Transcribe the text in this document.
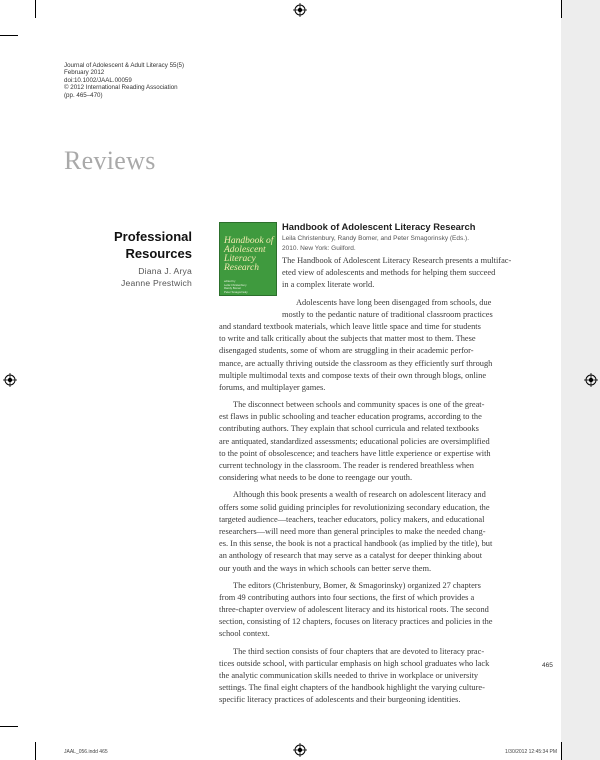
Journal of Adolescent & Adult Literacy 55(5)
February 2012
doi:10.1002/JAAL.00059
© 2012 International Reading Association
(pp. 465–470)
Reviews
Professional
Resources
Diana J. Arya
Jeanne Prestwich
Handbook of
Adolescent
Literacy
Research
edited by
Leila Christenbury
Randy Bomer
Peter Smagorinsky
Handbook of Adolescent Literacy Research
Leila Christenbury, Randy Bomer, and Peter Smagorinsky (Eds.).
2010. New York: Guilford.
The Handbook of Adolescent Literacy Research presents a multifac-
eted view of adolescents and methods for helping them succeed
in a complex literate world.
Adolescents have long been disengaged from schools, due
mostly to the pedantic nature of traditional classroom practices
and standard textbook materials, which leave little space and time for students
to write and talk critically about the subjects that matter most to them. These
disengaged students, some of whom are struggling in their academic perfor-
mance, are actually thriving outside the classroom as they efficiently surf through
multiple multimodal texts and compose texts of their own through blogs, online
forums, and multiplayer games.
The disconnect between schools and community spaces is one of the great-
est flaws in public schooling and teacher education programs, according to the
contributing authors. They explain that school curricula and related textbooks
are antiquated, standardized assessments; educational policies are oversimplified
to the point of obsolescence; and teachers have little experience or expertise with
current technology in the classroom. The reader is rendered breathless when
considering what needs to be done to reengage our youth.
Although this book presents a wealth of research on adolescent literacy and
offers some solid guiding principles for revolutionizing secondary education, the
targeted audience—teachers, teacher educators, policy makers, and educational
researchers—will need more than general principles to make the needed chang-
es. In this sense, the book is not a practical handbook (as implied by the title), but
an anthology of research that may serve as a catalyst for deeper thinking about
our youth and the ways in which schools can better serve them.
The editors (Christenbury, Bomer, & Smagorinsky) organized 27 chapters
from 49 contributing authors into four sections, the first of which provides a
three-chapter overview of adolescent literacy and its historical roots. The second
section, consisting of 12 chapters, focuses on literacy practices and policies in the
school context.
The third section consists of four chapters that are devoted to literacy prac-
tices outside school, with particular emphasis on high school graduates who lack
the analytic communication skills needed to thrive in workplace or university
settings. The final eight chapters of the handbook highlight the varying culture-
specific literacy practices of adolescents and their burgeoning identities.
465
JAAL_056.indd 465	1/30/2012 12:45:34 PM
